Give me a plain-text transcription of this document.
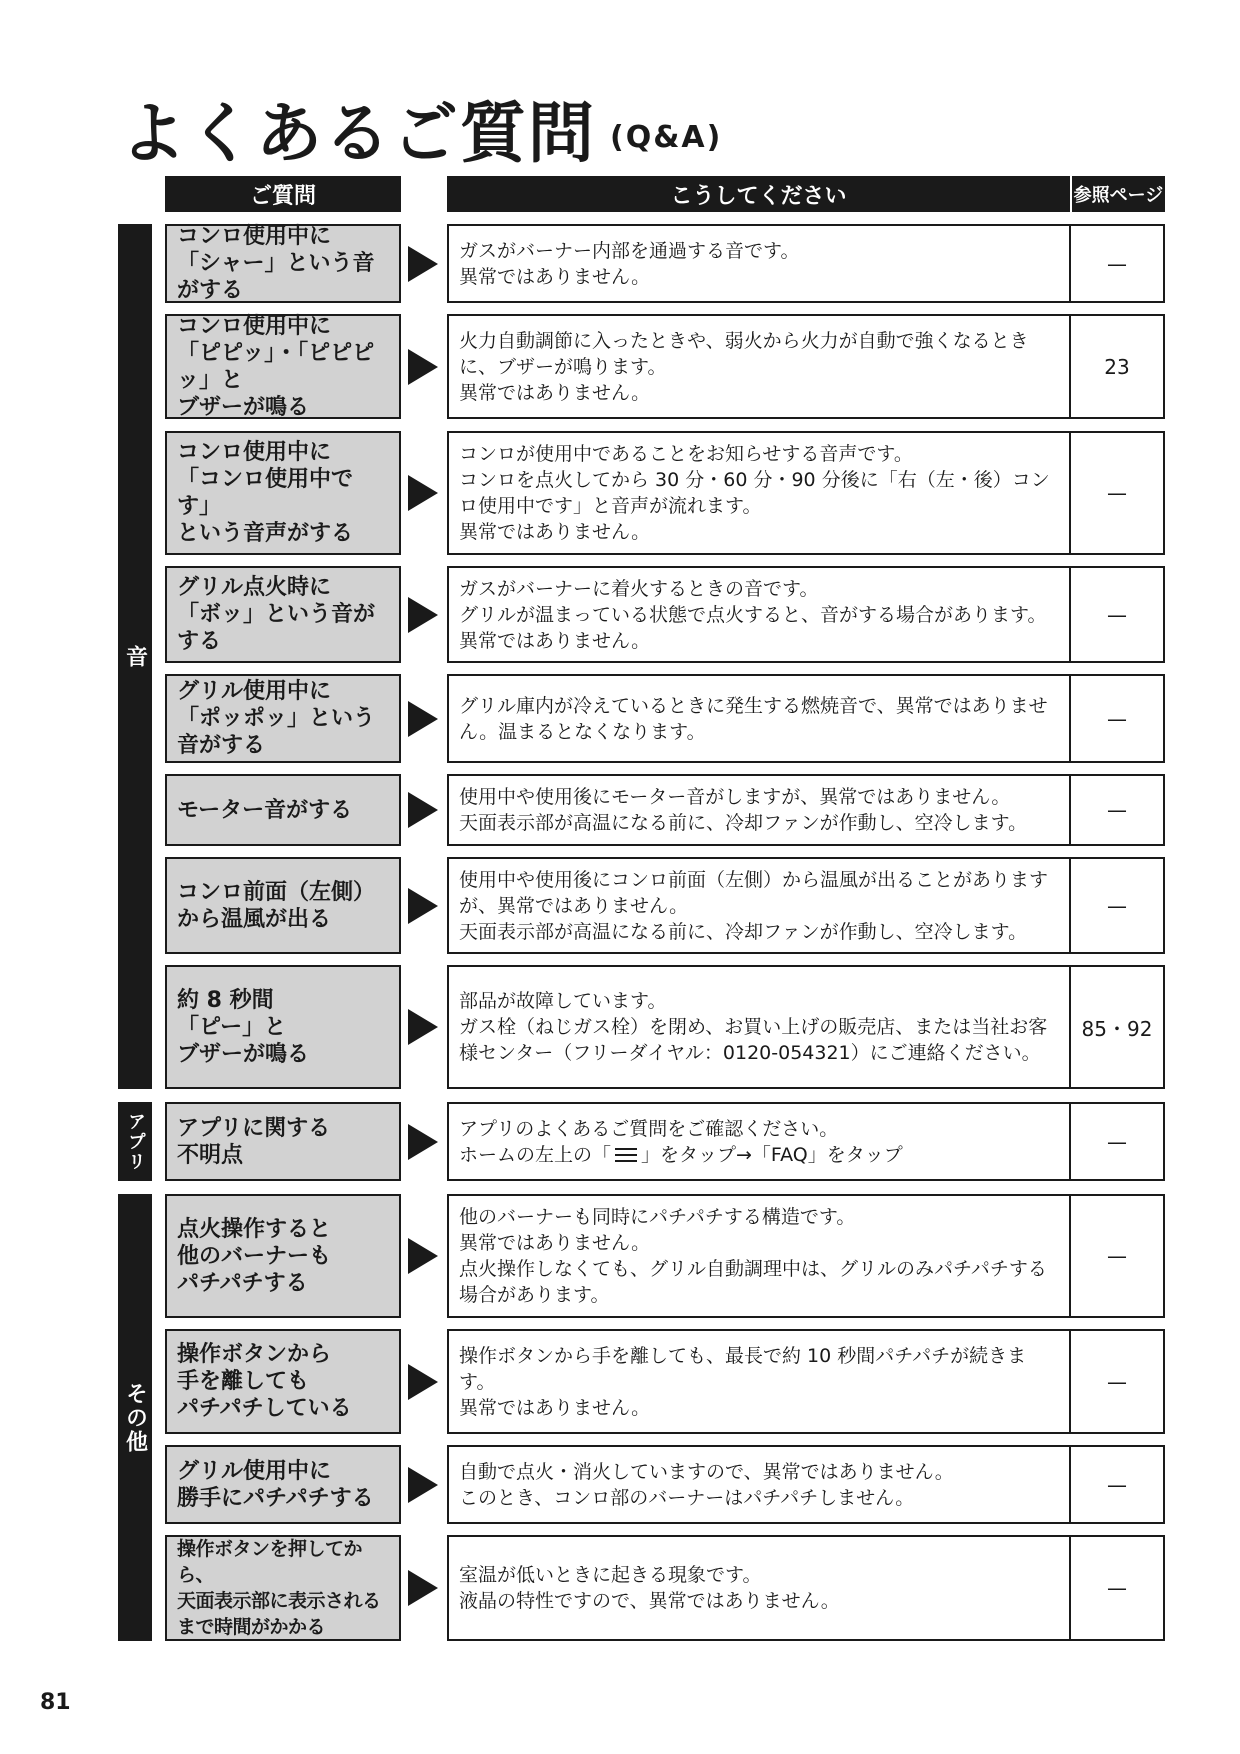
よくあるご質問 (Q&A)
ご質問	こうしてください	参照ページ
音
アプリ
その他
コンロ使用中に
「シャー」という音がする
ガスがバーナー内部を通過する音です。
異常ではありません。
—
コンロ使用中に
「ピピッ」・「ピピピッ」と
ブザーが鳴る
火力自動調節に入ったときや、弱火から火力が自動で強くなるときに、ブザーが鳴ります。
異常ではありません。
23
コンロ使用中に
「コンロ使用中です」
という音声がする
コンロが使用中であることをお知らせする音声です。
コンロを点火してから 30 分・60 分・90 分後に「右（左・後）コンロ使用中です」と音声が流れます。
異常ではありません。
—
グリル点火時に
「ボッ」という音が
する
ガスがバーナーに着火するときの音です。
グリルが温まっている状態で点火すると、音がする場合があります。
異常ではありません。
—
グリル使用中に
「ポッポッ」という
音がする
グリル庫内が冷えているときに発生する燃焼音で、異常ではありません。温まるとなくなります。
—
モーター音がする
使用中や使用後にモーター音がしますが、異常ではありません。
天面表示部が高温になる前に、冷却ファンが作動し、空冷します。
—
コンロ前面（左側）
から温風が出る
使用中や使用後にコンロ前面（左側）から温風が出ることがありますが、異常ではありません。
天面表示部が高温になる前に、冷却ファンが作動し、空冷します。
—
約 8 秒間
「ピー」と
ブザーが鳴る
部品が故障しています。
ガス栓（ねじガス栓）を閉め、お買い上げの販売店、または当社お客様センター（フリーダイヤル：0120-054321）にご連絡ください。
85・92
アプリに関する
不明点
アプリのよくあるご質問をご確認ください。
ホームの左上の「 」をタップ→「FAQ」をタップ
—
点火操作すると
他のバーナーも
パチパチする
他のバーナーも同時にパチパチする構造です。
異常ではありません。
点火操作しなくても、グリル自動調理中は、グリルのみパチパチする場合があります。
—
操作ボタンから
手を離しても
パチパチしている
操作ボタンから手を離しても、最長で約 10 秒間パチパチが続きます。
異常ではありません。
—
グリル使用中に
勝手にパチパチする
自動で点火・消火していますので、異常ではありません。
このとき、コンロ部のバーナーはパチパチしません。
—
操作ボタンを押してから、
天面表示部に表示される
まで時間がかかる
室温が低いときに起きる現象です。
液晶の特性ですので、異常ではありません。
—
81
